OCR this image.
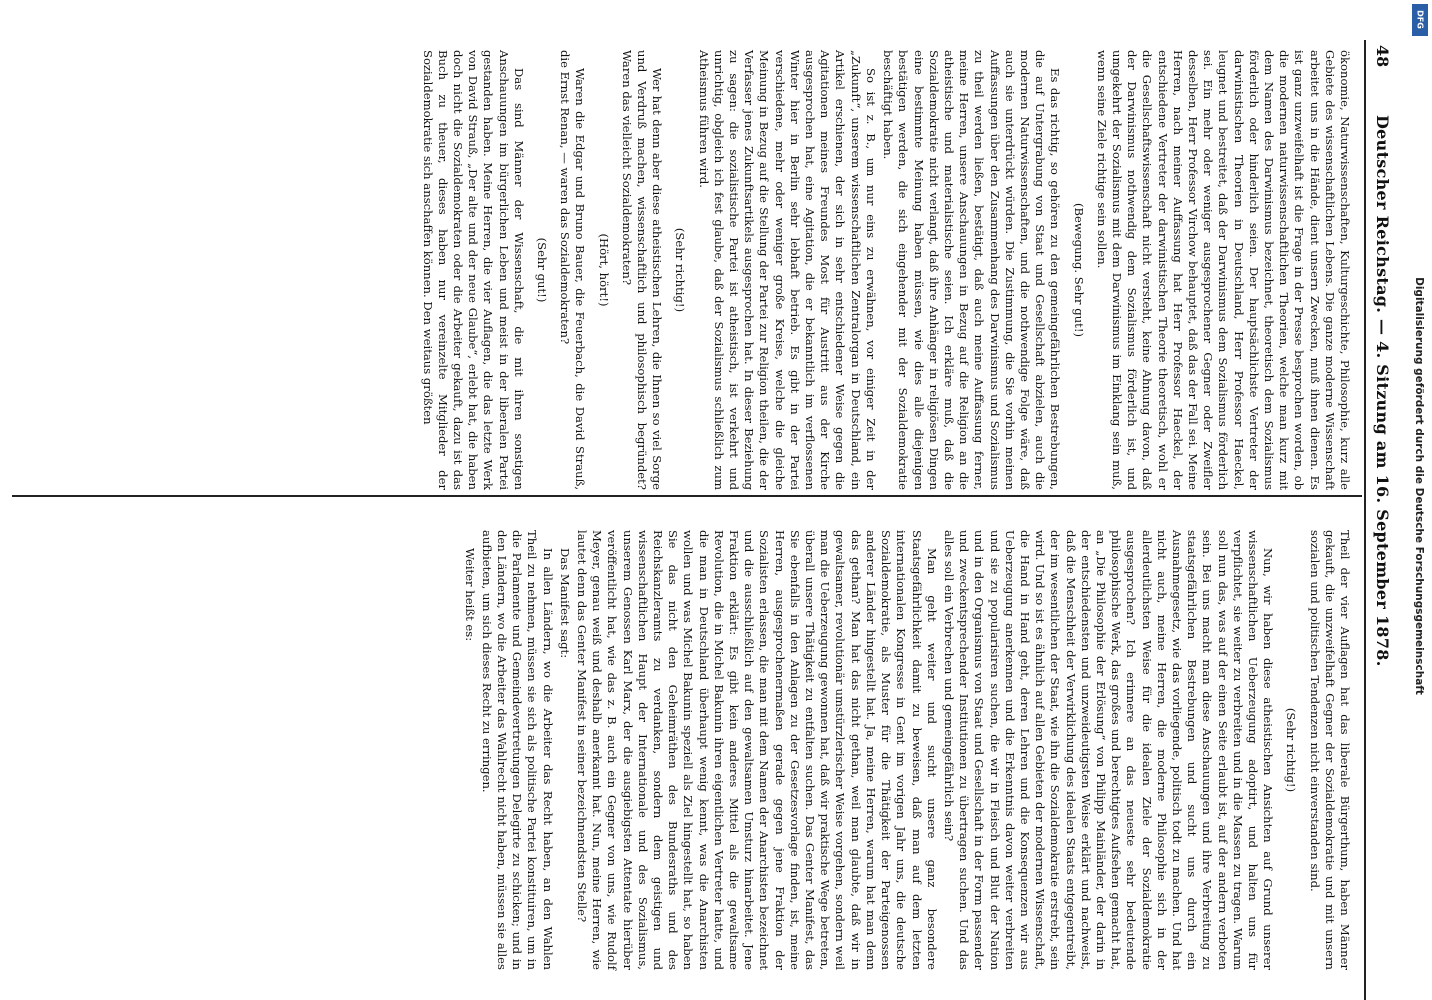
48
Deutscher Reichstag. — 4. Sitzung am 16. September 1878.

ökonomie, Naturwissenschaften, Kulturgeschichte, Philosophie, kurz alle Gebiete des wissenschaftlichen Lebens. Die ganze moderne Wissenschaft arbeitet uns in die Hände, dient unsern Zwecken, muß ihnen dienen. Es ist ganz unzweifelhaft ist die Frage in der Presse besprochen worden, ob die modernen naturwissenschaftlichen Theorien, welche man kurz mit dem Namen des Darwinismus bezeichnet, theoretisch dem Sozialismus förderlich oder hinderlich seien. Der hauptsächlichste Vertreter der darwinistischen Theorien in Deutschland, Herr Professor Haeckel, leugnet und bestreitet, daß der Darwinismus dem Sozialismus förderlich sei. Ein mehr oder weniger ausgesprochener Gegner oder Zweifler desselben, Herr Professor Virchow behauptet, daß das der Fall sei. Meine Herren, nach meiner Auffassung hat Herr Professor Haeckel, der entschiedene Vertreter der darwinistischen Theorie theoretisch, wohl er die Gesellschaftswissenschaft nicht versteht, keine Ahnung davon, daß der Darwinismus nothwendig dem Sozialismus förderlich ist, und umgekehrt der Sozialismus mit dem Darwinismus im Einklang sein muß, wenn seine Ziele richtige sein sollen.

(Bewegung. Sehr gut!)

Es das richtig, so gehören zu den gemeingefährlichen Bestrebungen, die auf Untergrabung von Staat und Gesellschaft abzielen, auch die modernen Naturwissenschaften, und die nothwendige Folge wäre, daß auch sie unterdrückt würden. Die Zustimmung, die Sie vorhin meinen Auffassungen über den Zusammenhang des Darwinismus und Sozialismus zu theil werden ließen, bestätigt, daß auch meine Auffassung ferner, meine Herren, unsere Anschauungen in Bezug auf die Religion an die atheistische und materialistische seien. Ich erkläre muß, daß die Sozialdemokratie nicht verlangt, daß ihre Anhänger in religiösen Dingen eine bestimmte Meinung haben müssen, wie dies alle diejenigen bestätigen werden, die sich eingehender mit der Sozialdemokratie beschäftigt haben.

So ist z. B., um nur eins zu erwähnen, vor einiger Zeit in der „Zukunft“, unserem wissenschaftlichen Zentralorgan in Deutschland, ein Artikel erschienen, der sich in sehr entschiedener Weise gegen die Agitationen meines Freundes Most für Austritt aus der Kirche ausgesprochen hat, eine Agitation, die er bekanntlich im verflossenen Winter hier in Berlin sehr lebhaft betrieb. Es gibt in der Partei verschiedene, mehr oder weniger große Kreise, welche die gleiche Meinung in Bezug auf die Stellung der Partei zur Religion theilen, die der Verfasser jenes Zukunftsartikels ausgesprochen hat. In dieser Beziehung zu sagen: die sozialistische Partei ist atheistisch, ist verkehrt und unrichtig, obgleich ich fest glaube, daß der Sozialismus schließlich zum Atheismus führen wird.

(Sehr richtig!)

Wer hat denn aber diese atheistischen Lehren, die Ihnen so viel Sorge und Verdruß machen, wissenschaftlich und philosophisch begründet? Waren das vielleicht Sozialdemokraten?

(Hört, hört!)

Waren die Edgar und Bruno Bauer, die Feuerbach, die David Strauß, die Ernst Renan, — waren das Sozialdemokraten?

(Sehr gut!)

Das sind Männer der Wissenschaft, die mit ihren sonstigen Anschauungen im bürgerlichen Leben und meist in der liberalen Partei gestanden haben. Meine Herren, die vier Auflagen, die das letzte Werk von David Strauß, „Der alte und der neue Glaube“, erlebt hat, die haben doch nicht die Sozialdemokraten oder die Arbeiter gekauft, dazu ist das Buch zu theuer, dieses haben nur vereinzelte Mitglieder der Sozialdemokratie sich anschaffen können. Den weitaus größten

Theil der vier Auflagen hat das liberale Bürgerthum, haben Männer gekauft, die unzweifelhaft Gegner der Sozialdemokratie und mit unsern sozialen und politischen Tendenzen nicht einverstanden sind.

(Sehr richtig!)

Nun, wir haben diese atheistischen Ansichten auf Grund unserer wissenschaftlichen Ueberzeugung adoptirt, und halten uns für verpflichtet, sie weiter zu verbreiten und in die Massen zu tragen. Warum soll nun das, was auf der einen Seite erlaubt ist, auf der andern verboten sein. Bei uns macht man diese Anschauungen und ihre Verbreitung zu staatsgefährlichen Bestrebungen und sucht uns durch ein Ausnahmegesetz, wie das vorliegende, politisch todt zu machen. Und hat nicht auch, meine Herren, die moderne Philosophie sich in der allerdeutlichsten Weise für die idealen Ziele der Sozialdemokratie ausgesprochen? Ich erinnere an das neueste sehr bedeutende philosophische Werk, das großes und berechtigtes Aufsehen gemacht hat, an „Die Philosophie der Erlösung“ von Philipp Mainländer, der darin in der entschiedensten und unzweideutigsten Weise erklärt und nachweist, daß die Menschheit der Verwirklichung des idealen Staats entgegentreibt, der im wesentlichen der Staat, wie ihn die Sozialdemokratie erstrebt, sein wird. Und so ist es ähnlich auf allen Gebieten der modernen Wissenschaft, die Hand in Hand geht, deren Lehren und die Konsequenzen wir aus Ueberzeugung anerkennen und die Erkenntnis davon weiter verbreiten und sie zu popularisiren suchen, die wir in Fleisch und Blut der Nation und in den Organismus von Staat und Gesellschaft in der Form passender und zweckentsprechender Institutionen zu übertragen suchen. Und das alles soll ein Verbrechen und gemeingefährlich sein?

Man geht weiter und sucht unsere ganz besondere Staatsgefährlichkeit damit zu beweisen, daß man auf dem letzten internationalen Kongresse in Gent im vorigen Jahr uns, die deutsche Sozialdemokratie, als Muster für die Thätigkeit der Parteigenossen anderer Länder hingestellt hat. Ja, meine Herren, warum hat man denn das gethan? Man hat das nicht gethan, weil man glaubte, daß wir in gewaltsamer, revolutionär umstürzlerischer Weise vorgehen, sondern weil man die Ueberzeugung gewonnen hat, daß wir praktische Wege betreten, überall unsere Thätigkeit zu entfalten suchen. Das Genter Manifest, das Sie ebenfalls in den Anlagen zu der Gesetzesvorlage finden, ist, meine Herren, ausgesprochenermaßen gerade gegen jene Fraktion der Sozialisten erlassen, die man mit dem Namen der Anarchisten bezeichnet und die ausschließlich auf den gewaltsamen Umsturz hinarbeitet. Jene Fraktion erklärt: Es gibt kein anderes Mittel als die gewaltsame Revolution, die in Michel Bakunin ihren eigentlichen Vertreter hatte, und die man in Deutschland überhaupt wenig kennt, was die Anarchisten wollen und was Michel Bakunin speziell als Ziel hingestellt hat, so haben Sie das nicht den Geheimräthen des Bundesraths und des Reichskanzleramts zu verdanken, sondern dem geistigen und wissenschaftlichen Haupt der Internationale und des Sozialismus, unserem Genossen Karl Marx, der die ausgiebigsten Attentate hierüber veröffentlicht hat, wie das z. B. auch ein Gegner von uns, wie Rudolf Meyer, genau weiß und deshalb anerkannt hat. Nun, meine Herren, wie lautet denn das Genter Manifest in seiner bezeichnendsten Stelle?

Das Manifest sagt:

In allen Ländern, wo die Arbeiter das Recht haben, an den Wahlen Theil zu nehmen, müssen sie sich als politische Partei konstituiren, um in die Parlamente und Gemeindevertretungen Delegirte zu schicken; und in den Ländern, wo die Arbeiter das Wahlrecht nicht haben, müssen sie alles aufbieten, um sich dieses Recht zu erringen.

Weiter heißt es:

DFG
Digitalisierung gefördert durch die Deutsche Forschungsgemeinschaft
